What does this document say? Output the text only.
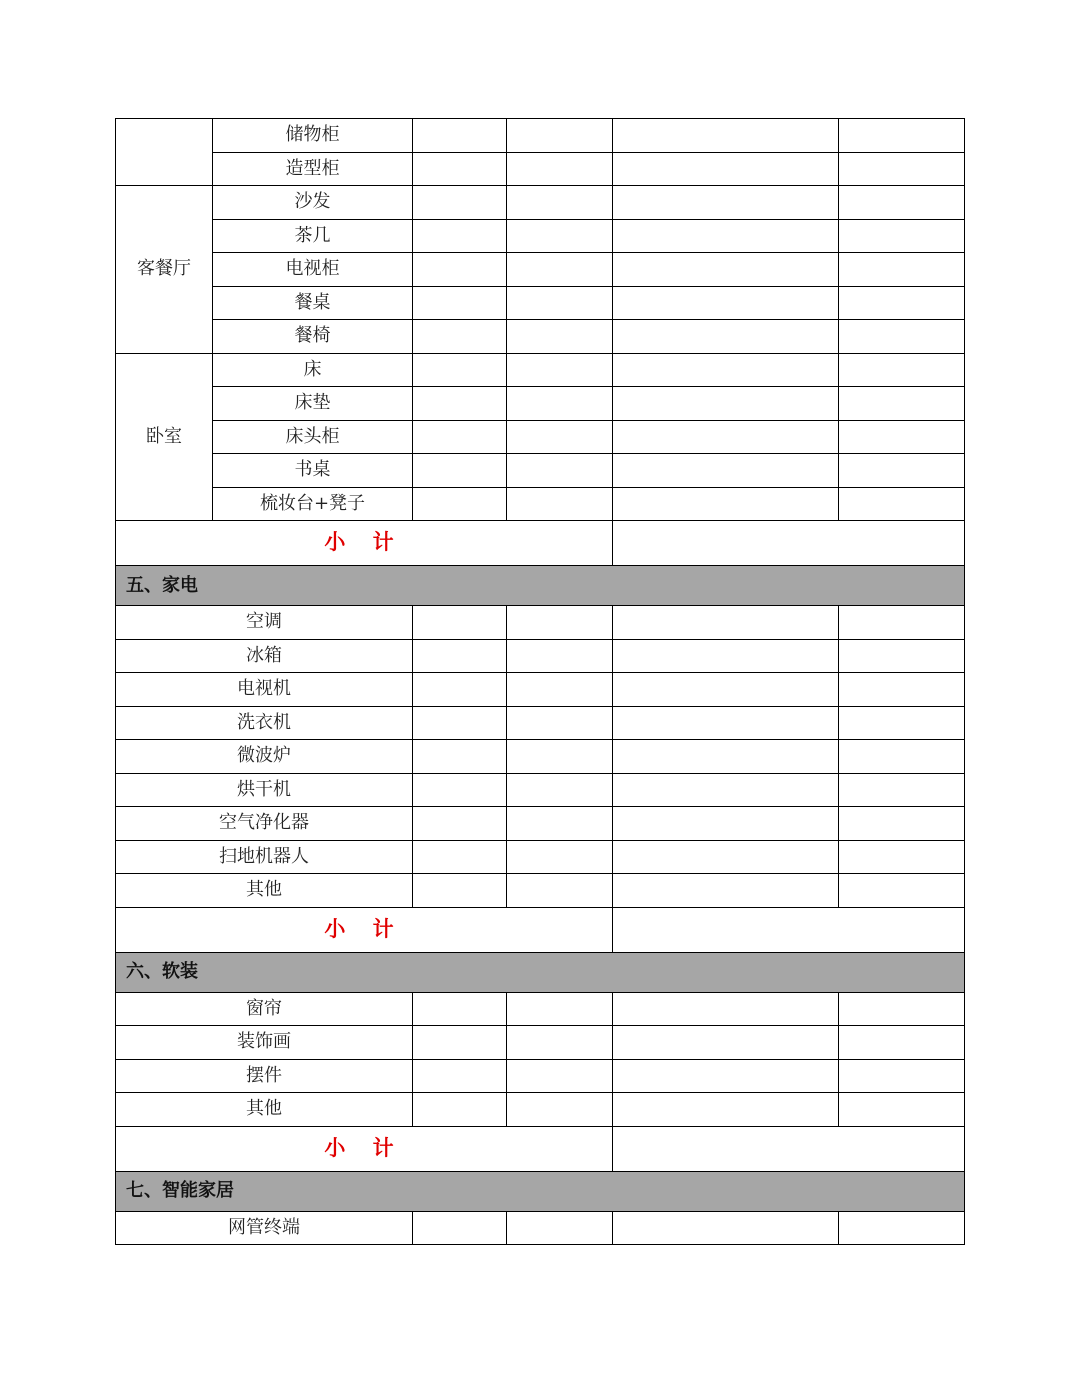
	储物柜				
	造型柜				
客餐厅	沙发				
	茶几				
	电视柜				
	餐桌				
	餐椅				
卧室	床				
	床垫				
	床头柜				
	书桌				
	梳妆台+凳子				
小 计					
五、家电					
空调					
冰箱					
电视机					
洗衣机					
微波炉					
烘干机					
空气净化器					
扫地机器人					
其他					
小 计					
六、软装					
窗帘					
装饰画					
摆件					
其他					
小 计					
七、智能家居					
网管终端					
